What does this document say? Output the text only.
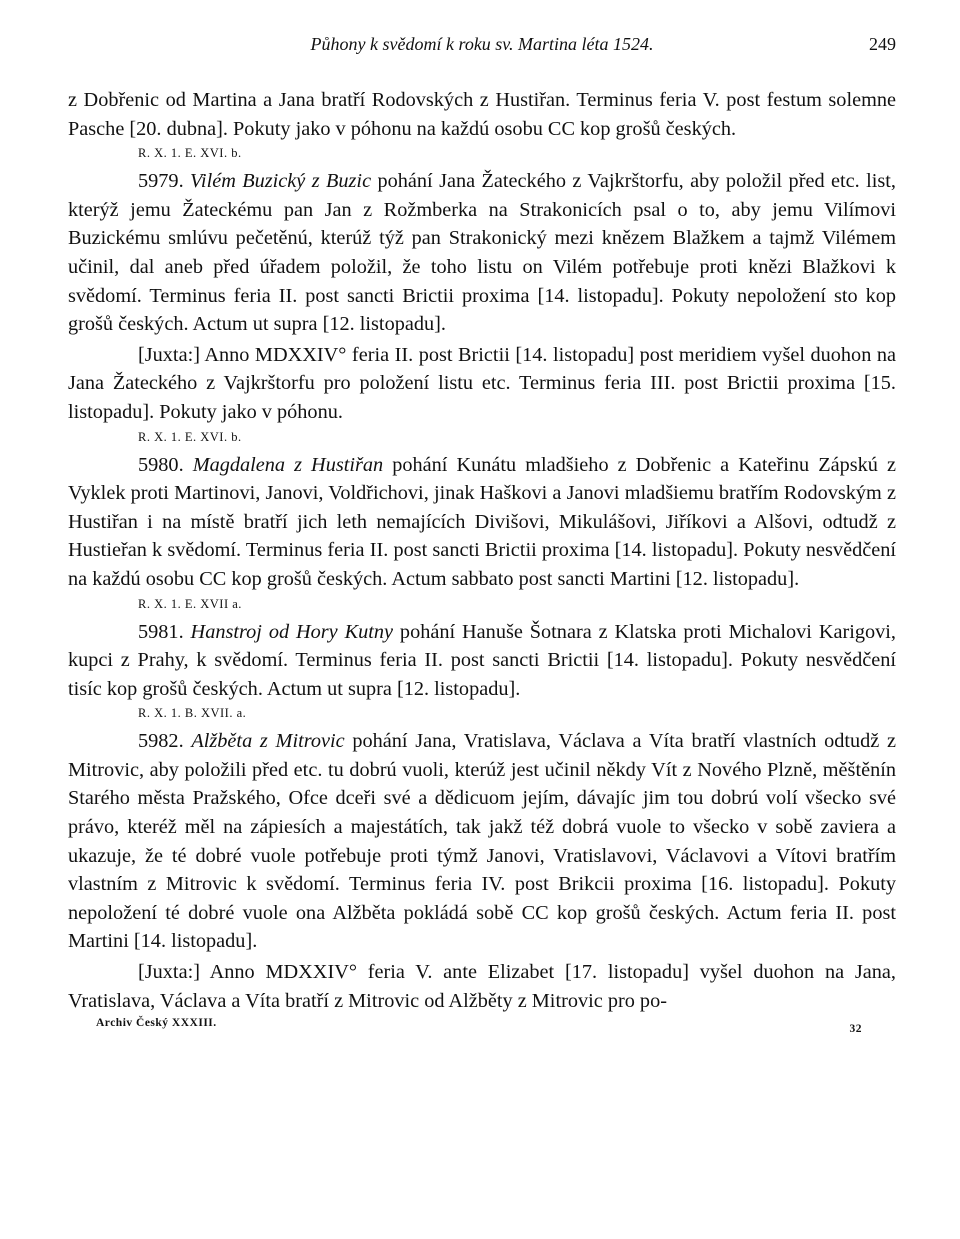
Půhony k svědomí k roku sv. Martina léta 1524.	249

z Dobřenic od Martina a Jana bratří Rodovských z Hustiřan. Terminus feria V. post festum solemne Pasche [20. dubna]. Pokuty jako v póhonu na každú osobu CC kop grošů českých.

R. X. 1. E. XVI. b.

5979. Vilém Buzický z Buzic pohání Jana Žateckého z Vajkrštorfu, aby položil před etc. list, kterýž jemu Žateckému pan Jan z Rožmberka na Strakonicích psal o to, aby jemu Vilímovi Buzickému smlúvu pečetěnú, kterúž týž pan Strakonický mezi knězem Blažkem a tajmž Vilémem učinil, dal aneb před úřadem položil, že toho listu on Vilém potřebuje proti knězi Blažkovi k svědomí. Terminus feria II. post sancti Brictii proxima [14. listopadu]. Pokuty nepoložení sto kop grošů českých. Actum ut supra [12. listopadu].

[Juxta:] Anno MDXXIV° feria II. post Brictii [14. listopadu] post meridiem vyšel duohon na Jana Žateckého z Vajkrštorfu pro položení listu etc. Terminus feria III. post Brictii proxima [15. listopadu]. Pokuty jako v póhonu.

R. X. 1. E. XVI. b.

5980. Magdalena z Hustiřan pohání Kunátu mladšieho z Dobřenic a Kateřinu Zápskú z Vyklek proti Martinovi, Janovi, Voldřichovi, jinak Haškovi a Janovi mladšiemu bratřím Rodovským z Hustiřan i na místě bratří jich leth nemajících Divišovi, Mikulášovi, Jiříkovi a Alšovi, odtudž z Hustieřan k svědomí. Terminus feria II. post sancti Brictii proxima [14. listopadu]. Pokuty nesvědčení na každú osobu CC kop grošů českých. Actum sabbato post sancti Martini [12. listopadu].

R. X. 1. E. XVII a.

5981. Hanstroj od Hory Kutny pohání Hanuše Šotnara z Klatska proti Michalovi Karigovi, kupci z Prahy, k svědomí. Terminus feria II. post sancti Brictii [14. listopadu]. Pokuty nesvědčení tisíc kop grošů českých. Actum ut supra [12. listopadu].

R. X. 1. B. XVII. a.

5982. Alžběta z Mitrovic pohání Jana, Vratislava, Václava a Víta bratří vlastních odtudž z Mitrovic, aby položili před etc. tu dobrú vuoli, kterúž jest učinil někdy Vít z Nového Plzně, měštěnín Starého města Pražského, Ofce dceři své a dědicuom jejím, dávajíc jim tou dobrú volí všecko své právo, kteréž měl na zápiesích a majestátích, tak jakž též dobrá vuole to všecko v sobě zaviera a ukazuje, že té dobré vuole potřebuje proti týmž Janovi, Vratislavovi, Václavovi a Vítovi bratřím vlastním z Mitrovic k svědomí. Terminus feria IV. post Brikcii proxima [16. listopadu]. Pokuty nepoložení té dobré vuole ona Alžběta pokládá sobě CC kop grošů českých. Actum feria II. post Martini [14. listopadu].

[Juxta:] Anno MDXXIV° feria V. ante Elizabet [17. listopadu] vyšel duohon na Jana, Vratislava, Václava a Víta bratří z Mitrovic od Alžběty z Mitrovic pro po-

Archiv Český XXXIII.	32
